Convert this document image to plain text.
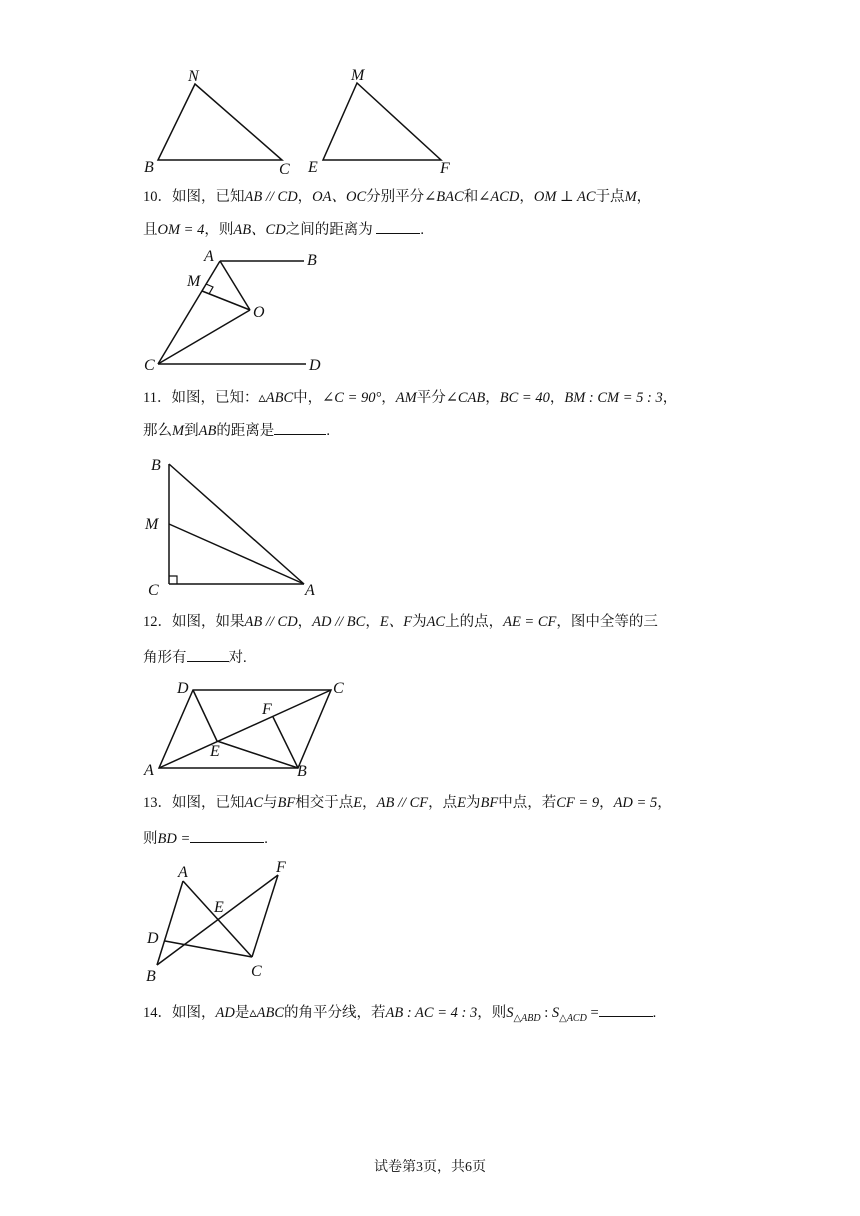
N
B	C
M
E	F
10．如图，已知AB // CD，OA、OC分别平分∠BAC和∠ACD，OM ⊥ AC于点M，
且OM = 4，则AB、CD之间的距离为	.
A	B
M
O
C	D
11．如图，已知：▵ABC中，∠C = 90°，AM平分∠CAB，BC = 40，BM : CM = 5 : 3，
那么M到AB的距离是	.
B
M
C	A
12．如图，如果AB // CD，AD // BC，E、F为AC上的点，AE = CF，图中全等的三
角形有	对.
D	C
F
E
A	B
13．如图，已知AC与BF相交于点E，AB // CF，点E为BF中点，若CF = 9，AD = 5，
则BD =	.
A	F
E
D
B	C
14．如图，AD是▵ABC的角平分线，若AB : AC = 4 : 3，则$S_{\triangle ABD}$ : $S_{\triangle ACD}$ =	.
试卷第3页，共6页
